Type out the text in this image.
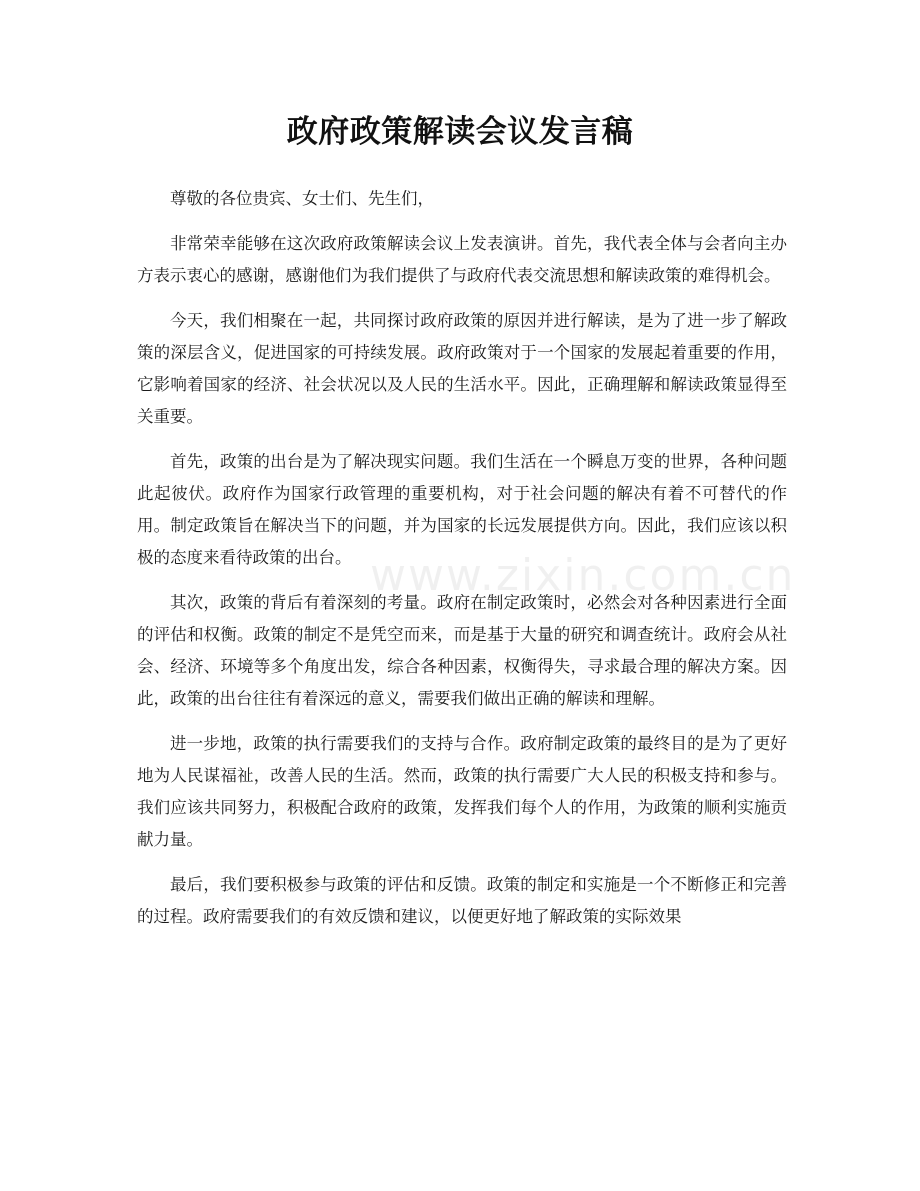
www.zixin.com.cn
政府政策解读会议发言稿

尊敬的各位贵宾、女士们、先生们，

非常荣幸能够在这次政府政策解读会议上发表演讲。首先，我代表全体与会者向主办方表示衷心的感谢，感谢他们为我们提供了与政府代表交流思想和解读政策的难得机会。

今天，我们相聚在一起，共同探讨政府政策的原因并进行解读，是为了进一步了解政策的深层含义，促进国家的可持续发展。政府政策对于一个国家的发展起着重要的作用，它影响着国家的经济、社会状况以及人民的生活水平。因此，正确理解和解读政策显得至关重要。

首先，政策的出台是为了解决现实问题。我们生活在一个瞬息万变的世界，各种问题此起彼伏。政府作为国家行政管理的重要机构，对于社会问题的解决有着不可替代的作用。制定政策旨在解决当下的问题，并为国家的长远发展提供方向。因此，我们应该以积极的态度来看待政策的出台。

其次，政策的背后有着深刻的考量。政府在制定政策时，必然会对各种因素进行全面的评估和权衡。政策的制定不是凭空而来，而是基于大量的研究和调查统计。政府会从社会、经济、环境等多个角度出发，综合各种因素，权衡得失，寻求最合理的解决方案。因此，政策的出台往往有着深远的意义，需要我们做出正确的解读和理解。

进一步地，政策的执行需要我们的支持与合作。政府制定政策的最终目的是为了更好地为人民谋福祉，改善人民的生活。然而，政策的执行需要广大人民的积极支持和参与。我们应该共同努力，积极配合政府的政策，发挥我们每个人的作用，为政策的顺利实施贡献力量。

最后，我们要积极参与政策的评估和反馈。政策的制定和实施是一个不断修正和完善的过程。政府需要我们的有效反馈和建议，以便更好地了解政策的实际效果
